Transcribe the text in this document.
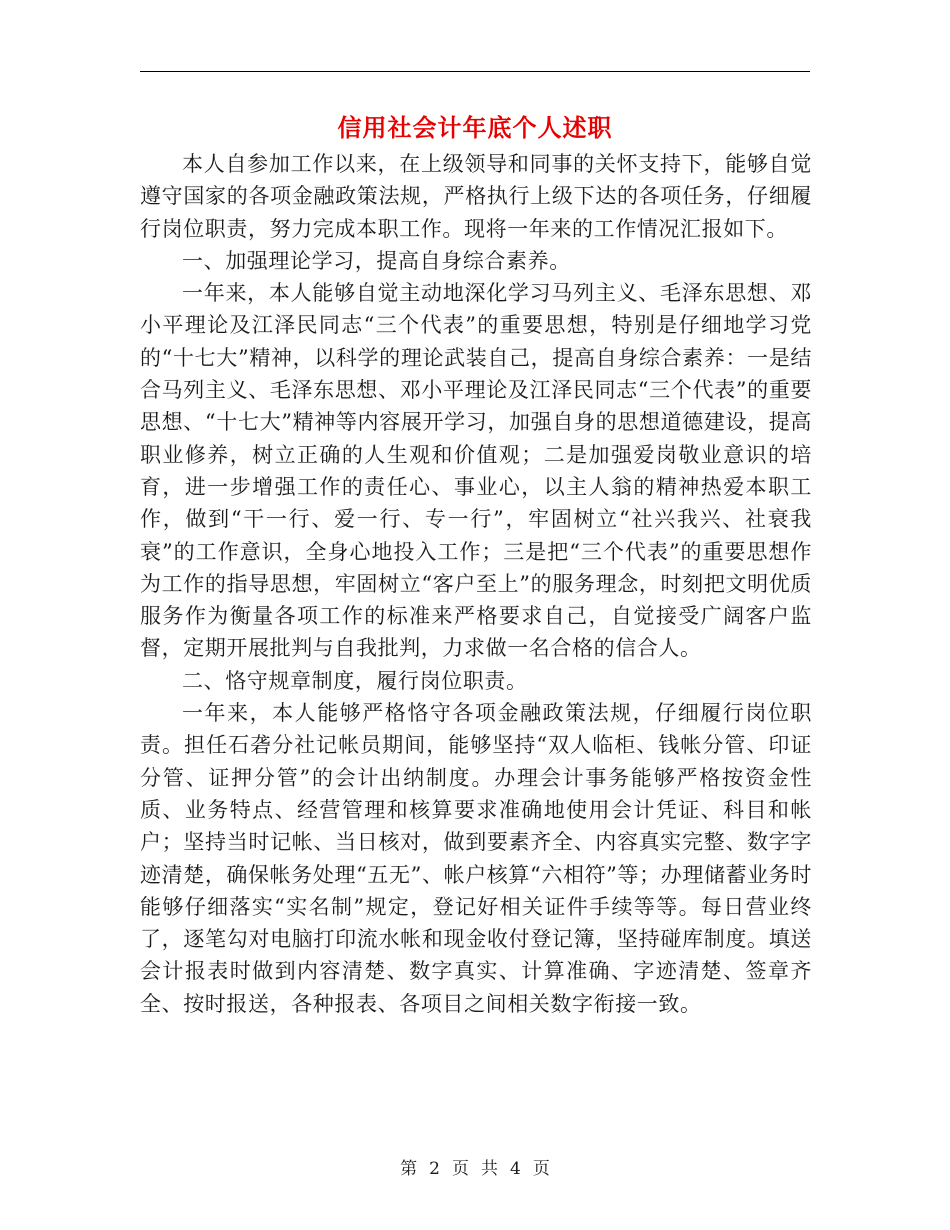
信用社会计年底个人述职

本人自参加工作以来，在上级领导和同事的关怀支持下，能够自觉遵守国家的各项金融政策法规，严格执行上级下达的各项任务，仔细履行岗位职责，努力完成本职工作。现将一年来的工作情况汇报如下。

一、加强理论学习，提高自身综合素养。

一年来，本人能够自觉主动地深化学习马列主义、毛泽东思想、邓小平理论及江泽民同志“三个代表”的重要思想，特别是仔细地学习党的“十七大”精神，以科学的理论武装自己，提高自身综合素养：一是结合马列主义、毛泽东思想、邓小平理论及江泽民同志“三个代表”的重要思想、“十七大”精神等内容展开学习，加强自身的思想道德建设，提高职业修养，树立正确的人生观和价值观；二是加强爱岗敬业意识的培育，进一步增强工作的责任心、事业心，以主人翁的精神热爱本职工作，做到“干一行、爱一行、专一行”，牢固树立“社兴我兴、社衰我衰”的工作意识，全身心地投入工作；三是把“三个代表”的重要思想作为工作的指导思想，牢固树立“客户至上”的服务理念，时刻把文明优质服务作为衡量各项工作的标准来严格要求自己，自觉接受广阔客户监督，定期开展批判与自我批判，力求做一名合格的信合人。

二、恪守规章制度，履行岗位职责。

一年来，本人能够严格恪守各项金融政策法规，仔细履行岗位职责。担任石砻分社记帐员期间，能够坚持“双人临柜、钱帐分管、印证分管、证押分管”的会计出纳制度。办理会计事务能够严格按资金性质、业务特点、经营管理和核算要求准确地使用会计凭证、科目和帐户；坚持当时记帐、当日核对，做到要素齐全、内容真实完整、数字字迹清楚，确保帐务处理“五无”、帐户核算“六相符”等；办理储蓄业务时能够仔细落实“实名制”规定，登记好相关证件手续等等。每日营业终了，逐笔勾对电脑打印流水帐和现金收付登记簿，坚持碰库制度。填送会计报表时做到内容清楚、数字真实、计算准确、字迹清楚、签章齐全、按时报送，各种报表、各项目之间相关数字衔接一致。

第 2 页 共 4 页
